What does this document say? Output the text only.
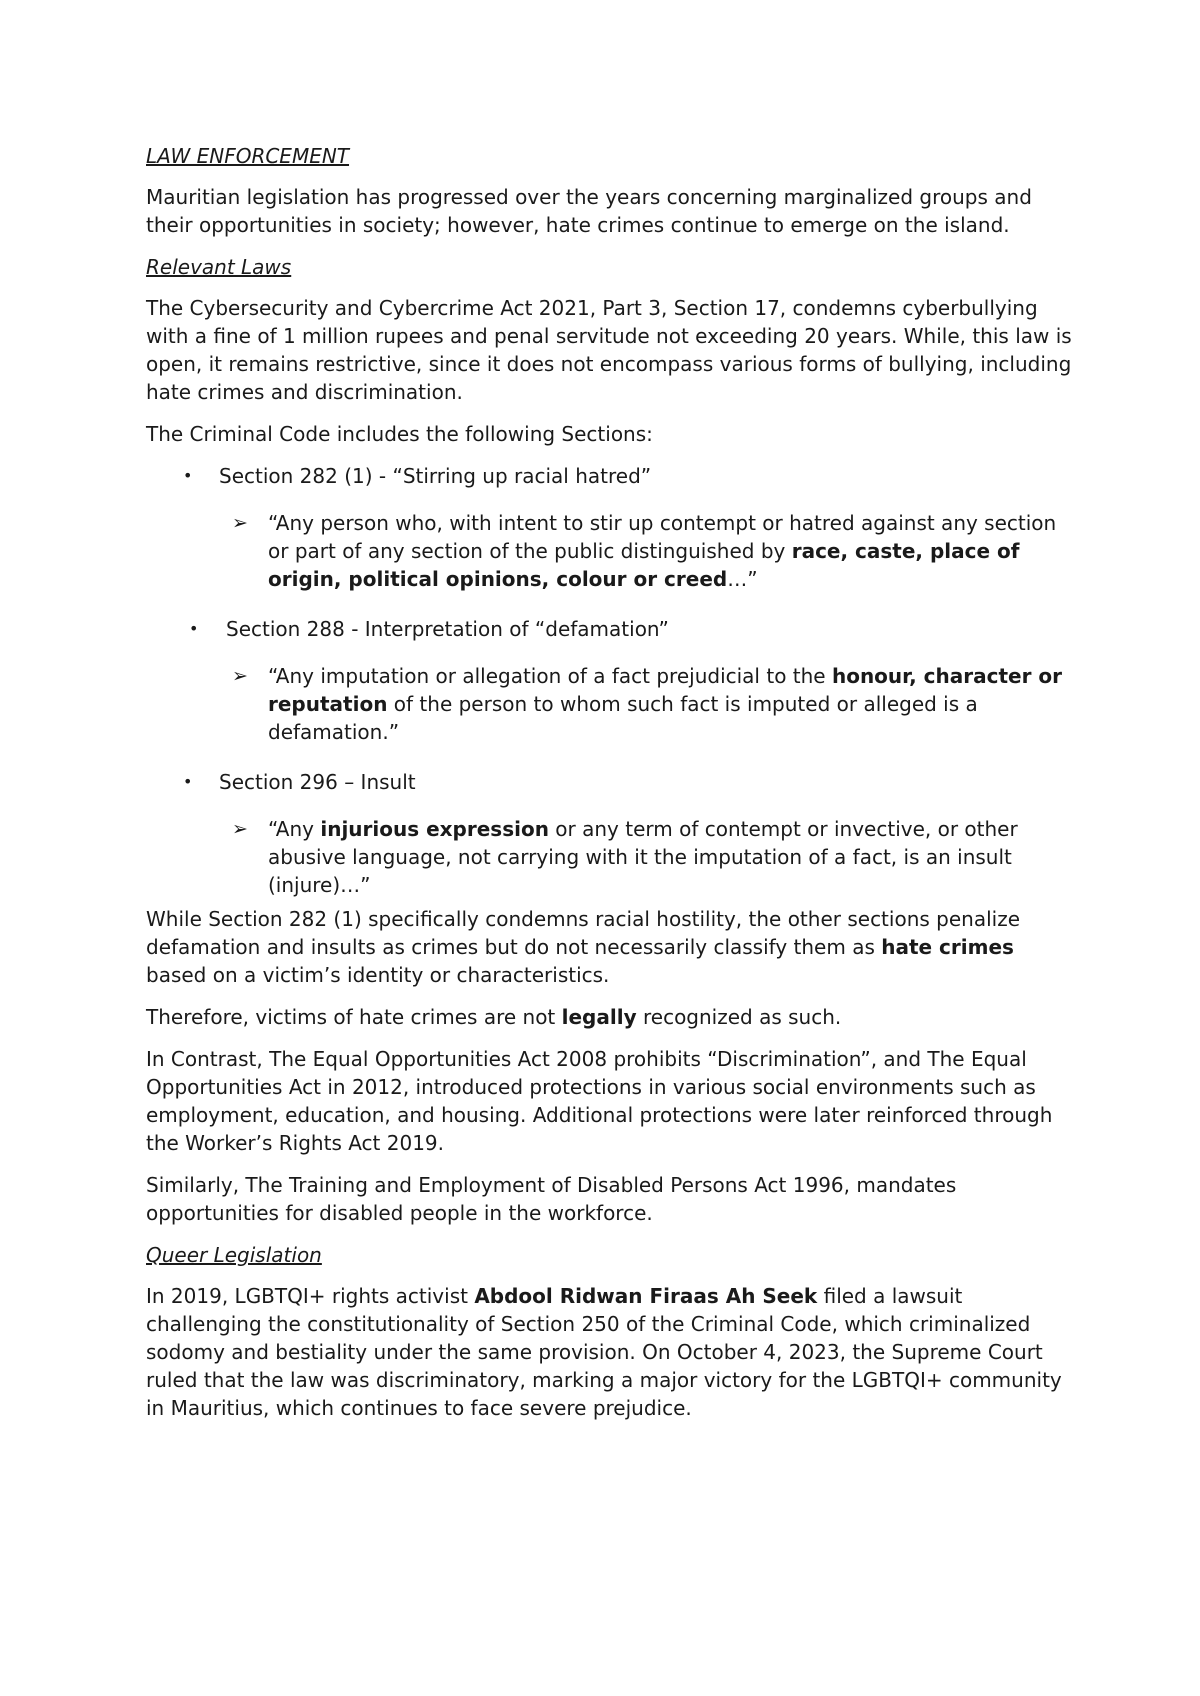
LAW ENFORCEMENT

Mauritian legislation has progressed over the years concerning marginalized groups and their opportunities in society; however, hate crimes continue to emerge on the island.

Relevant Laws

The Cybersecurity and Cybercrime Act 2021, Part 3, Section 17, condemns cyberbullying with a fine of 1 million rupees and penal servitude not exceeding 20 years. While, this law is open, it remains restrictive, since it does not encompass various forms of bullying, including hate crimes and discrimination.

The Criminal Code includes the following Sections:

• Section 282 (1) - “Stirring up racial hatred”
➢ “Any person who, with intent to stir up contempt or hatred against any section or part of any section of the public distinguished by race, caste, place of origin, political opinions, colour or creed…”
• Section 288 - Interpretation of “defamation”
➢ “Any imputation or allegation of a fact prejudicial to the honour, character or reputation of the person to whom such fact is imputed or alleged is a defamation.”
• Section 296 – Insult
➢ “Any injurious expression or any term of contempt or invective, or other abusive language, not carrying with it the imputation of a fact, is an insult (injure)…”

While Section 282 (1) specifically condemns racial hostility, the other sections penalize defamation and insults as crimes but do not necessarily classify them as hate crimes based on a victim’s identity or characteristics.

Therefore, victims of hate crimes are not legally recognized as such.

In Contrast, The Equal Opportunities Act 2008 prohibits “Discrimination”, and The Equal Opportunities Act in 2012, introduced protections in various social environments such as employment, education, and housing. Additional protections were later reinforced through the Worker’s Rights Act 2019.

Similarly, The Training and Employment of Disabled Persons Act 1996, mandates opportunities for disabled people in the workforce.

Queer Legislation

In 2019, LGBTQI+ rights activist Abdool Ridwan Firaas Ah Seek filed a lawsuit challenging the constitutionality of Section 250 of the Criminal Code, which criminalized sodomy and bestiality under the same provision. On October 4, 2023, the Supreme Court ruled that the law was discriminatory, marking a major victory for the LGBTQI+ community in Mauritius, which continues to face severe prejudice.
